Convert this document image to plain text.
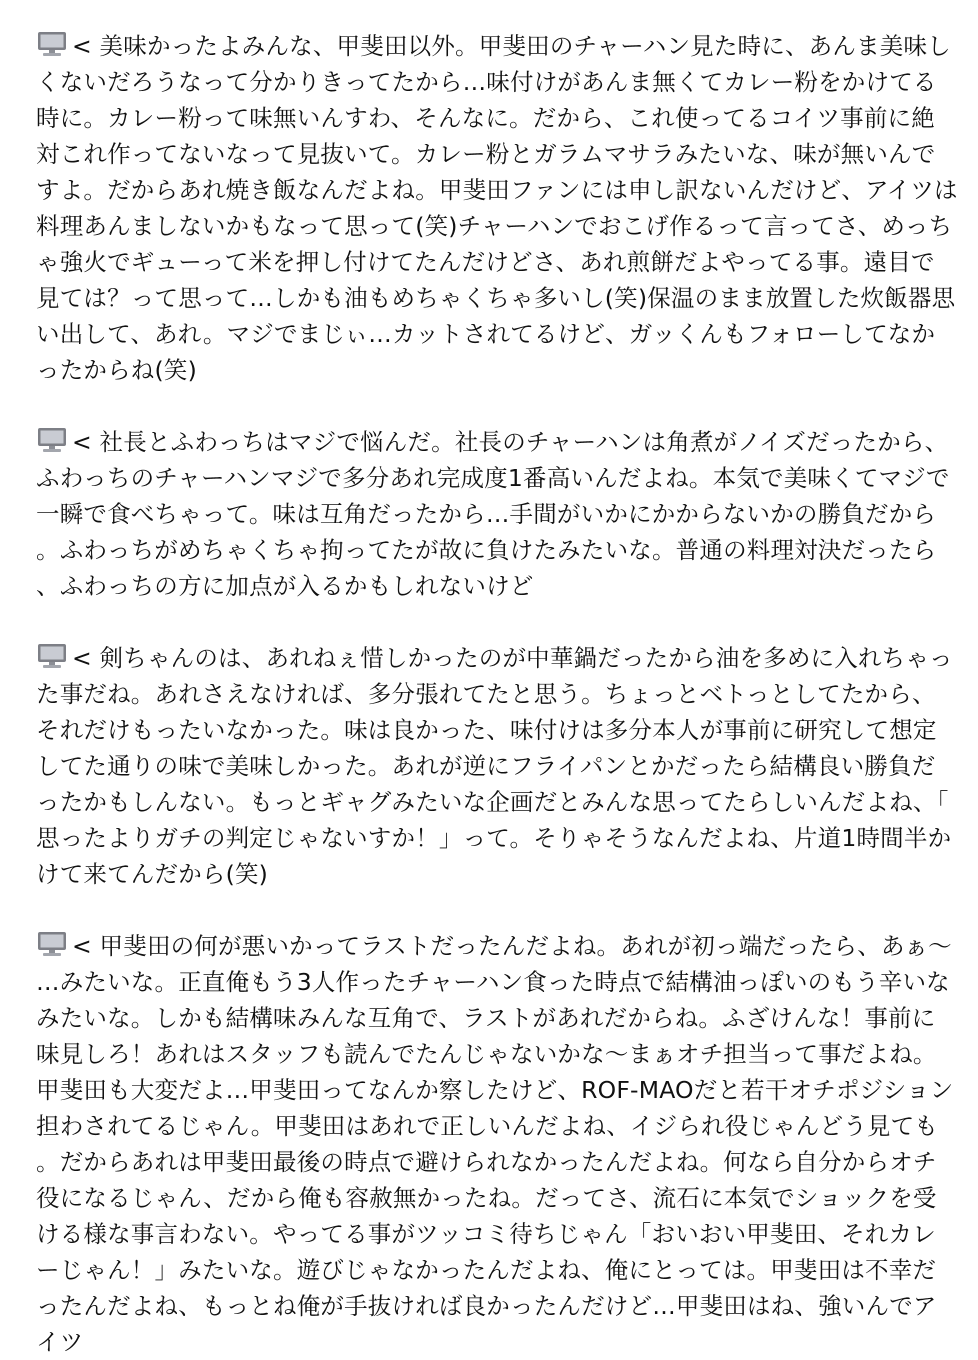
< 美味かったよみんな、甲斐田以外。甲斐田のチャーハン見た時に、あんま美味しくないだろうなって分かりきってたから…味付けがあんま無くてカレー粉をかけてる時に。カレー粉って味無いんすわ、そんなに。だから、これ使ってるコイツ事前に絶対これ作ってないなって見抜いて。カレー粉とガラムマサラみたいな、味が無いんですよ。だからあれ焼き飯なんだよね。甲斐田ファンには申し訳ないんだけど、アイツは料理あんましないかもなって思って(笑)チャーハンでおこげ作るって言ってさ、めっちゃ強火でギューって米を押し付けてたんだけどさ、あれ煎餅だよやってる事。遠目で見ては？って思って…しかも油もめちゃくちゃ多いし(笑)保温のまま放置した炊飯器思い出して、あれ。マジでまじぃ…カットされてるけど、ガッくんもフォローしてなかったからね(笑)

< 社長とふわっちはマジで悩んだ。社長のチャーハンは角煮がノイズだったから、ふわっちのチャーハンマジで多分あれ完成度1番高いんだよね。本気で美味くてマジで一瞬で食べちゃって。味は互角だったから…手間がいかにかからないかの勝負だから。ふわっちがめちゃくちゃ拘ってたが故に負けたみたいな。普通の料理対決だったら、ふわっちの方に加点が入るかもしれないけど

< 剣ちゃんのは、あれねぇ惜しかったのが中華鍋だったから油を多めに入れちゃった事だね。あれさえなければ、多分張れてたと思う。ちょっとベトっとしてたから、それだけもったいなかった。味は良かった、味付けは多分本人が事前に研究して想定してた通りの味で美味しかった。あれが逆にフライパンとかだったら結構良い勝負だったかもしんない。もっとギャグみたいな企画だとみんな思ってたらしいんだよね、「思ったよりガチの判定じゃないすか！」って。そりゃそうなんだよね、片道1時間半かけて来てんだから(笑)

< 甲斐田の何が悪いかってラストだったんだよね。あれが初っ端だったら、あぁ〜…みたいな。正直俺もう3人作ったチャーハン食った時点で結構油っぽいのもう辛いなみたいな。しかも結構味みんな互角で、ラストがあれだからね。ふざけんな！事前に味見しろ！あれはスタッフも読んでたんじゃないかな〜まぁオチ担当って事だよね。甲斐田も大変だよ…甲斐田ってなんか察したけど、ROF-MAOだと若干オチポジション担わされてるじゃん。甲斐田はあれで正しいんだよね、イジられ役じゃんどう見ても。だからあれは甲斐田最後の時点で避けられなかったんだよね。何なら自分からオチ役になるじゃん、だから俺も容赦無かったね。だってさ、流石に本気でショックを受ける様な事言わない。やってる事がツッコミ待ちじゃん「おいおい甲斐田、それカレーじゃん！」みたいな。遊びじゃなかったんだよね、俺にとっては。甲斐田は不幸だったんだよね、もっとね俺が手抜ければ良かったんだけど…甲斐田はね、強いんでアイツ
